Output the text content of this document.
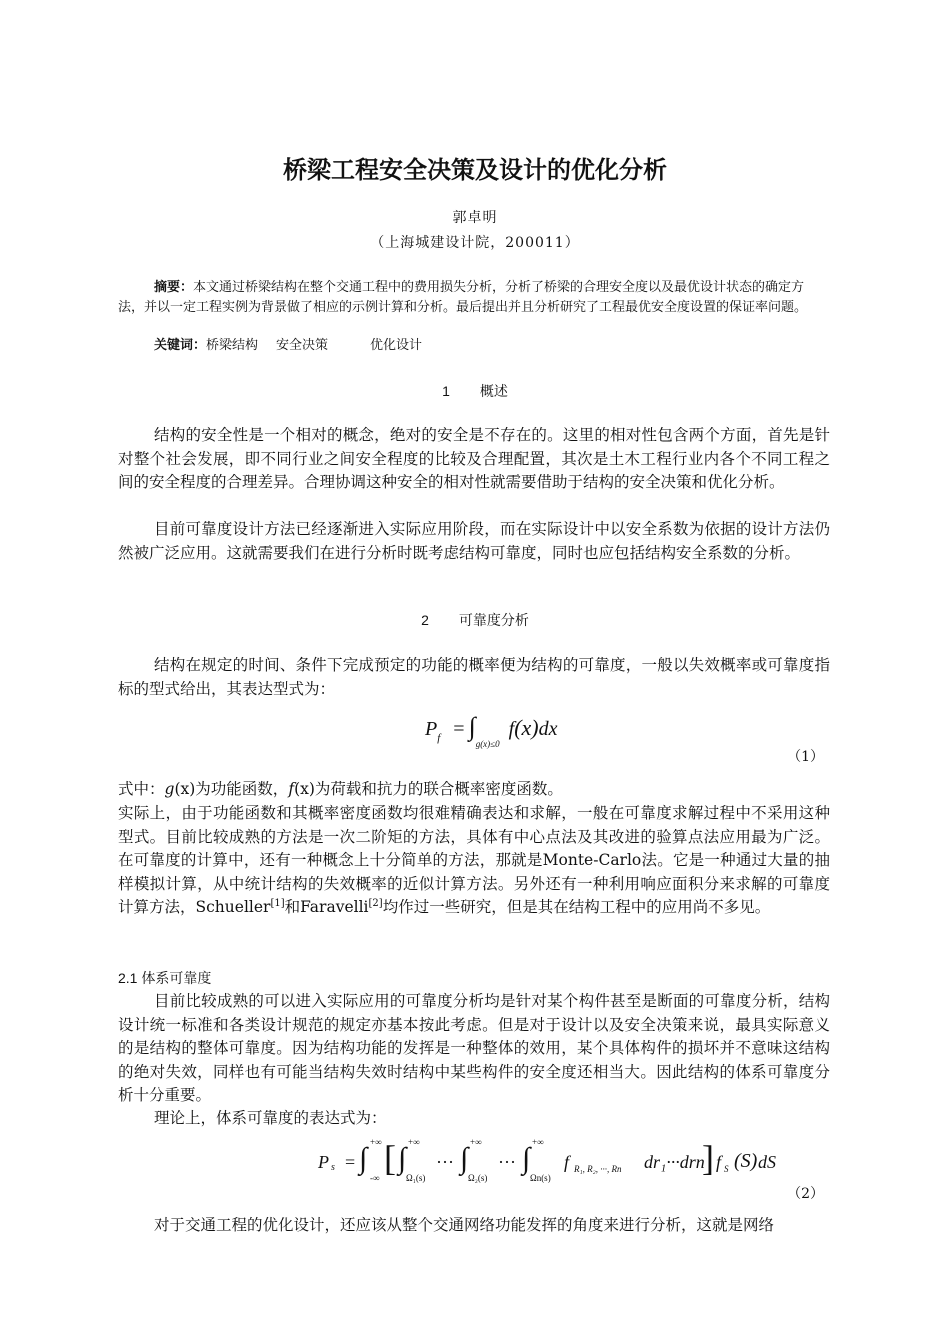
桥梁工程安全决策及设计的优化分析
郭卓明
（上海城建设计院，200011）
摘要：本文通过桥梁结构在整个交通工程中的费用损失分析，分析了桥梁的合理安全度以及最优设计状态的确定方法，并以一定工程实例为背景做了相应的示例计算和分析。最后提出并且分析研究了工程最优安全度设置的保证率问题。
关键词：桥梁结构 安全决策	优化设计
1 概述
结构的安全性是一个相对的概念，绝对的安全是不存在的。这里的相对性包含两个方面，首先是针对整个社会发展，即不同行业之间安全程度的比较及合理配置，其次是土木工程行业内各个不同工程之间的安全程度的合理差异。合理协调这种安全的相对性就需要借助于结构的安全决策和优化分析。
目前可靠度设计方法已经逐渐进入实际应用阶段，而在实际设计中以安全系数为依据的设计方法仍然被广泛应用。这就需要我们在进行分析时既考虑结构可靠度，同时也应包括结构安全系数的分析。
2 可靠度分析
结构在规定的时间、条件下完成预定的功能的概率便为结构的可靠度，一般以失效概率或可靠度指标的型式给出，其表达型式为：
$P_f = \int_{g(x)\le 0}$ f(x)dx
（1）
式中：g(x)为功能函数，f(x)为荷载和抗力的联合概率密度函数。
实际上，由于功能函数和其概率密度函数均很难精确表达和求解，一般在可靠度求解过程中不采用这种型式。目前比较成熟的方法是一次二阶矩的方法，具体有中心点法及其改进的验算点法应用最为广泛。在可靠度的计算中，还有一种概念上十分简单的方法，那就是Monte-Carlo法。它是一种通过大量的抽样模拟计算，从中统计结构的失效概率的近似计算方法。另外还有一种利用响应面积分来求解的可靠度计算方法，Schueller[1]和Faravelli[2]均作过一些研究，但是其在结构工程中的应用尚不多见。
2.1 体系可靠度
目前比较成熟的可以进入实际应用的可靠度分析均是针对某个构件甚至是断面的可靠度分析，结构设计统一标准和各类设计规范的规定亦基本按此考虑。但是对于设计以及安全决策来说，最具实际意义的是结构的整体可靠度。因为结构功能的发挥是一种整体的效用，某个具体构件的损坏并不意味这结构的绝对失效，同样也有可能当结构失效时结构中某些构件的安全度还相当大。因此结构的体系可靠度分析十分重要。
理论上，体系可靠度的表达式为：
P s = ∫ +∞
-∞ [ ∫ +∞
Ω₁(s)
··· ∫ +∞
Ω₂(s)
··· ∫ +∞
Ωn(s)
f R₁, R₂, ···, Rn dr₁···drn
] f S (S) dS
（2）
对于交通工程的优化设计，还应该从整个交通网络功能发挥的角度来进行分析，这就是网络
